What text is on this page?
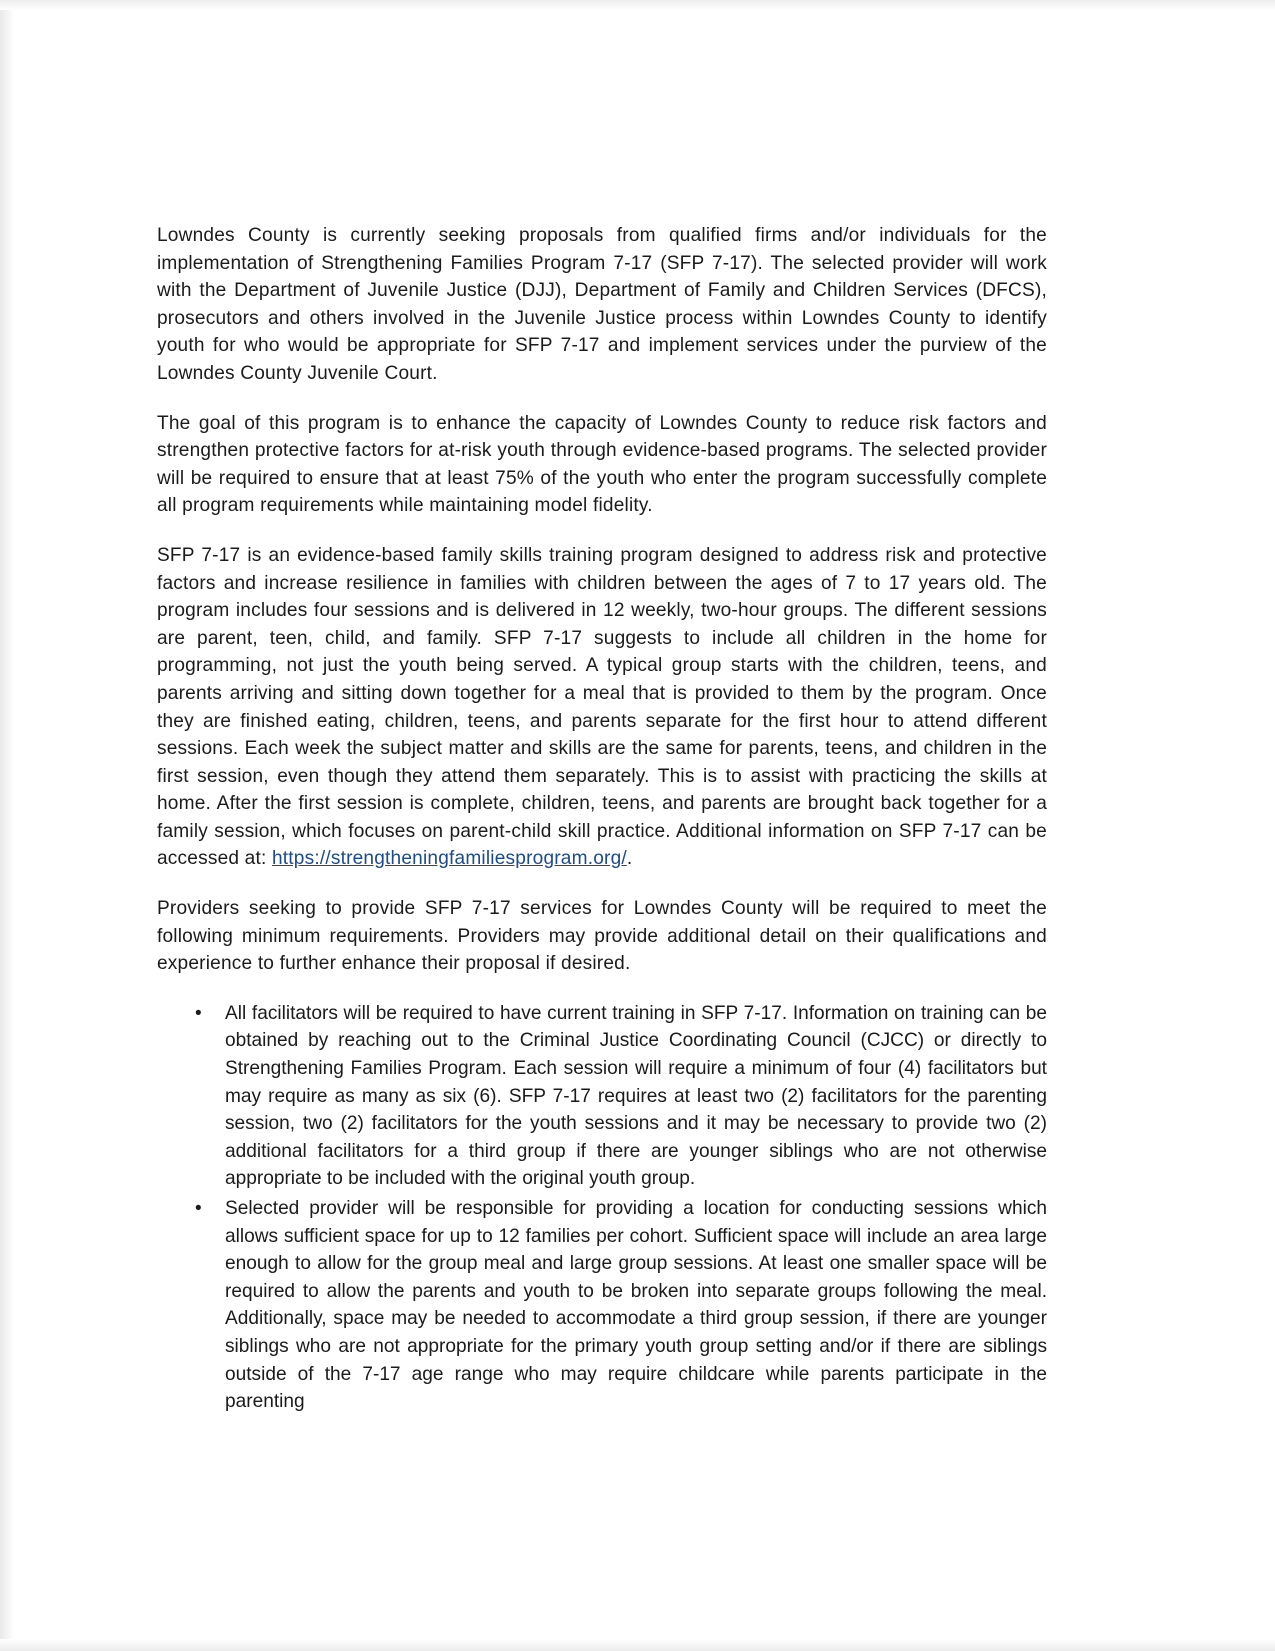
Lowndes County is currently seeking proposals from qualified firms and/or individuals for the implementation of Strengthening Families Program 7-17 (SFP 7-17). The selected provider will work with the Department of Juvenile Justice (DJJ), Department of Family and Children Services (DFCS), prosecutors and others involved in the Juvenile Justice process within Lowndes County to identify youth for who would be appropriate for SFP 7-17 and implement services under the purview of the Lowndes County Juvenile Court.

The goal of this program is to enhance the capacity of Lowndes County to reduce risk factors and strengthen protective factors for at-risk youth through evidence-based programs. The selected provider will be required to ensure that at least 75% of the youth who enter the program successfully complete all program requirements while maintaining model fidelity.

SFP 7-17 is an evidence-based family skills training program designed to address risk and protective factors and increase resilience in families with children between the ages of 7 to 17 years old. The program includes four sessions and is delivered in 12 weekly, two-hour groups. The different sessions are parent, teen, child, and family. SFP 7-17 suggests to include all children in the home for programming, not just the youth being served. A typical group starts with the children, teens, and parents arriving and sitting down together for a meal that is provided to them by the program. Once they are finished eating, children, teens, and parents separate for the first hour to attend different sessions. Each week the subject matter and skills are the same for parents, teens, and children in the first session, even though they attend them separately. This is to assist with practicing the skills at home. After the first session is complete, children, teens, and parents are brought back together for a family session, which focuses on parent-child skill practice. Additional information on SFP 7-17 can be accessed at: https://strengtheningfamiliesprogram.org/.

Providers seeking to provide SFP 7-17 services for Lowndes County will be required to meet the following minimum requirements. Providers may provide additional detail on their qualifications and experience to further enhance their proposal if desired.

• All facilitators will be required to have current training in SFP 7-17. Information on training can be obtained by reaching out to the Criminal Justice Coordinating Council (CJCC) or directly to Strengthening Families Program. Each session will require a minimum of four (4) facilitators but may require as many as six (6). SFP 7-17 requires at least two (2) facilitators for the parenting session, two (2) facilitators for the youth sessions and it may be necessary to provide two (2) additional facilitators for a third group if there are younger siblings who are not otherwise appropriate to be included with the original youth group.
• Selected provider will be responsible for providing a location for conducting sessions which allows sufficient space for up to 12 families per cohort. Sufficient space will include an area large enough to allow for the group meal and large group sessions. At least one smaller space will be required to allow the parents and youth to be broken into separate groups following the meal. Additionally, space may be needed to accommodate a third group session, if there are younger siblings who are not appropriate for the primary youth group setting and/or if there are siblings outside of the 7-17 age range who may require childcare while parents participate in the parenting
